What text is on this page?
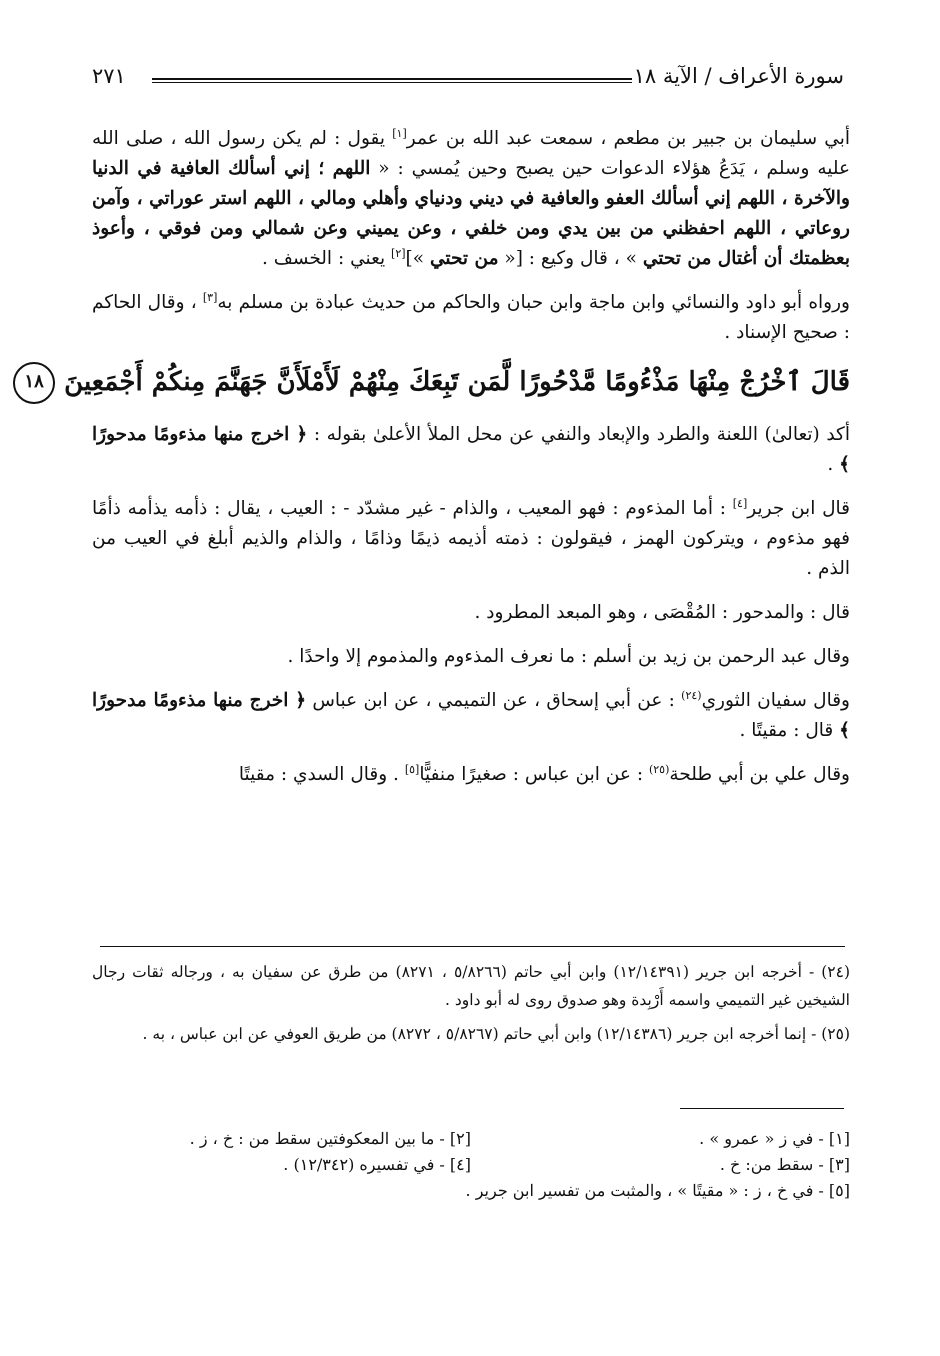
سورة الأعراف / الآية ١٨
٢٧١

أبي سليمان بن جبير بن مطعم ، سمعت عبد الله بن عمر[١] يقول : لم يكن رسول الله ، صلى الله عليه وسلم ، يَدَعُ هؤلاء الدعوات حين يصبح وحين يُمسي : « اللهم ؛ إني أسألك العافية في الدنيا والآخرة ، اللهم إني أسألك العفو والعافية في ديني ودنياي وأهلي ومالي ، اللهم استر عوراتي ، وآمن روعاتي ، اللهم احفظني من بين يدي ومن خلفي ، وعن يميني وعن شمالي ومن فوقي ، وأعوذ بعظمتك أن أغتال من تحتي » ، قال وكيع : [« من تحتي »][٢] يعني : الخسف .

ورواه أبو داود والنسائي وابن ماجة وابن حبان والحاكم من حديث عبادة بن مسلم به[٣] ، وقال الحاكم : صحيح الإسناد .

قَالَ ٱخْرُجْ مِنْهَا مَذْءُومًا مَّدْحُورًا لَّمَن تَبِعَكَ مِنْهُمْ لَأَمْلَأَنَّ جَهَنَّمَ مِنكُمْ أَجْمَعِينَ ١٨

أكد (تعالىٰ) اللعنة والطرد والإبعاد والنفي عن محل الملأ الأعلىٰ بقوله : ﴿ اخرج منها مذءومًا مدحورًا ﴾ .

قال ابن جرير[٤] : أما المذءوم : فهو المعيب ، والذام - غير مشدّد - : العيب ، يقال : ذأمه يذأمه ذأمًا فهو مذءوم ، ويتركون الهمز ، فيقولون : ذمته أذيمه ذيمًا وذامًا ، والذام والذيم أبلغ في العيب من الذم .

قال : والمدحور : المُقْصَى ، وهو المبعد المطرود .

وقال عبد الرحمن بن زيد بن أسلم : ما نعرف المذءوم والمذموم إلا واحدًا .

وقال سفيان الثوري$^{(٢٤)}$ : عن أبي إسحاق ، عن التميمي ، عن ابن عباس ﴿ اخرج منها مذءومًا مدحورًا ﴾ قال : مقيتًا .

وقال علي بن أبي طلحة$^{(٢٥)}$ : عن ابن عباس : صغيرًا منفيًّا[٥] . وقال السدي : مقيتًا

(٢٤) - أخرجه ابن جرير (١٢/١٤٣٩١) وابن أبي حاتم (٥/٨٢٦٦ ، ٨٢٧١) من طرق عن سفيان به ، ورجاله ثقات رجال الشيخين غير التميمي واسمه أَرْبِدة وهو صدوق روى له أبو داود .

(٢٥) - إنما أخرجه ابن جرير (١٢/١٤٣٨٦) وابن أبي حاتم (٥/٨٢٦٧ ، ٨٢٧٢) من طريق العوفي عن ابن عباس ، به .

[١] - في ز « عمرو » .
[٢] - ما بين المعكوفتين سقط من : خ ، ز .
[٣] - سقط من: خ .
[٤] - في تفسيره (١٢/٣٤٢) .
[٥] - في خ ، ز : « مقيتًا » ، والمثبت من تفسير ابن جرير .
